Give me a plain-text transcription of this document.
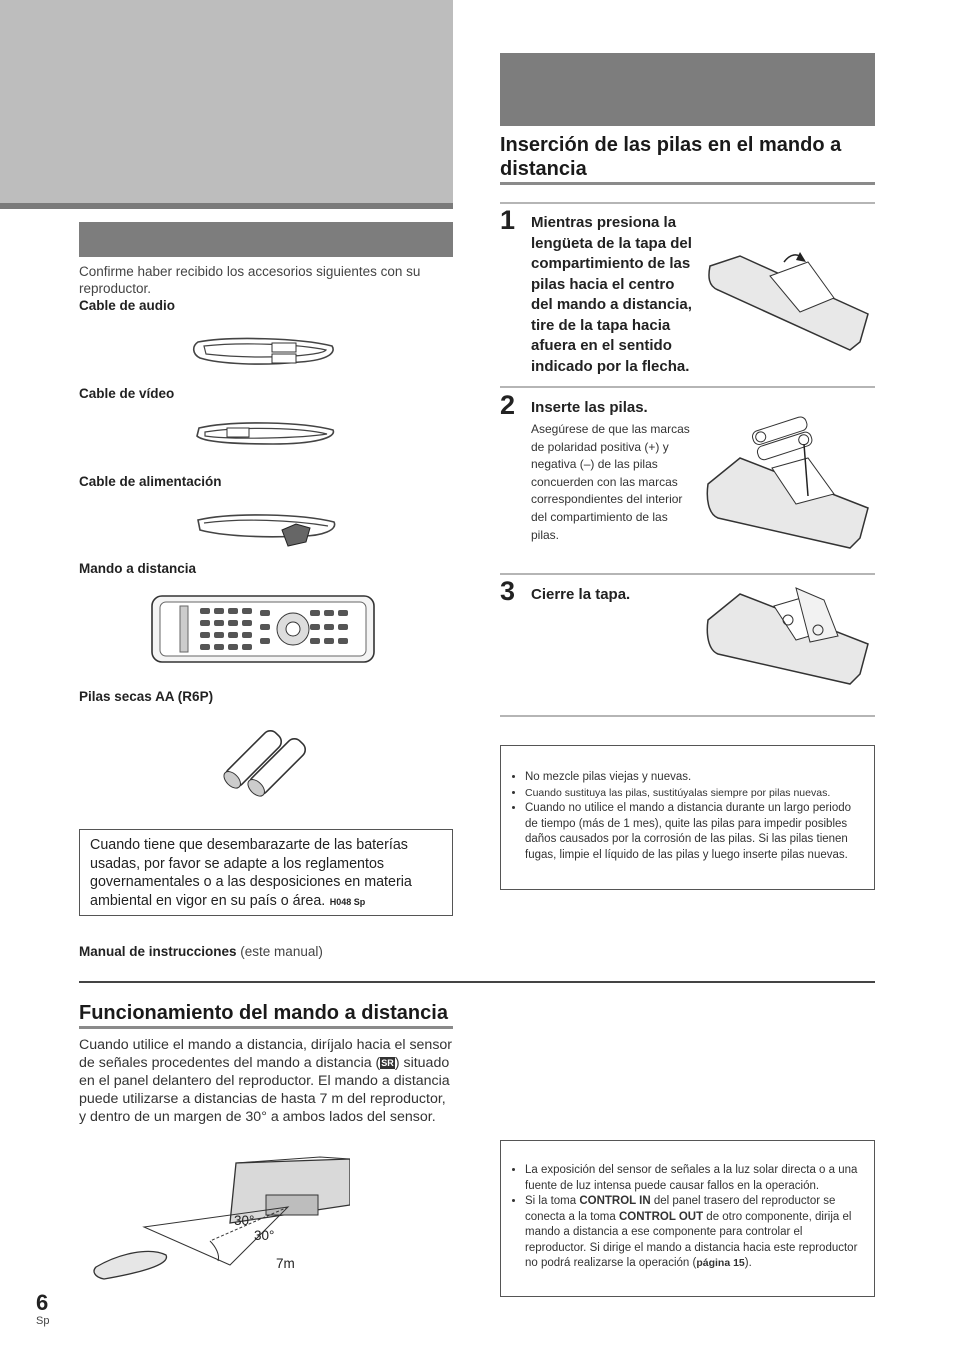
Confirme haber recibido los accesorios siguientes con su reproductor.
Cable de audio
Cable de vídeo
Cable de alimentación
Mando a distancia
Pilas secas AA (R6P)
Cuando tiene que desembarazarte de las baterías usadas, por favor se adapte a los reglamentos governamentales o a las desposiciones en materia ambiental en vigor en su país o área. H048 Sp
Manual de instrucciones (este manual)
Inserción de las pilas en el mando a distancia
1 Mientras presiona la lengüeta de la tapa del compartimiento de las pilas hacia el centro del mando a distancia, tire de la tapa hacia afuera en el sentido indicado por la flecha.
2 Inserte las pilas.
Asegúrese de que las marcas de polaridad positiva (+) y negativa (–) de las pilas concuerden con las marcas correspondientes del interior del compartimiento de las pilas.
3 Cierre la tapa.
• No mezcle pilas viejas y nuevas.
• Cuando sustituya las pilas, sustitúyalas siempre por pilas nuevas.
• Cuando no utilice el mando a distancia durante un largo periodo de tiempo (más de 1 mes), quite las pilas para impedir posibles daños causados por la corrosión de las pilas. Si las pilas tienen fugas, limpie el líquido de las pilas y luego inserte pilas nuevas.
Funcionamiento del mando a distancia
Cuando utilice el mando a distancia, diríjalo hacia el sensor de señales procedentes del mando a distancia (SR) situado en el panel delantero del reproductor. El mando a distancia puede utilizarse a distancias de hasta 7 m del reproductor, y dentro de un margen de 30° a ambos lados del sensor.
30°
30°
7m
• La exposición del sensor de señales a la luz solar directa o a una fuente de luz intensa puede causar fallos en la operación.
• Si la toma CONTROL IN del panel trasero del reproductor se conecta a la toma CONTROL OUT de otro componente, dirija el mando a distancia a ese componente para controlar el reproductor. Si dirige el mando a distancia hacia este reproductor no podrá realizarse la operación (página 15).
6
Sp
